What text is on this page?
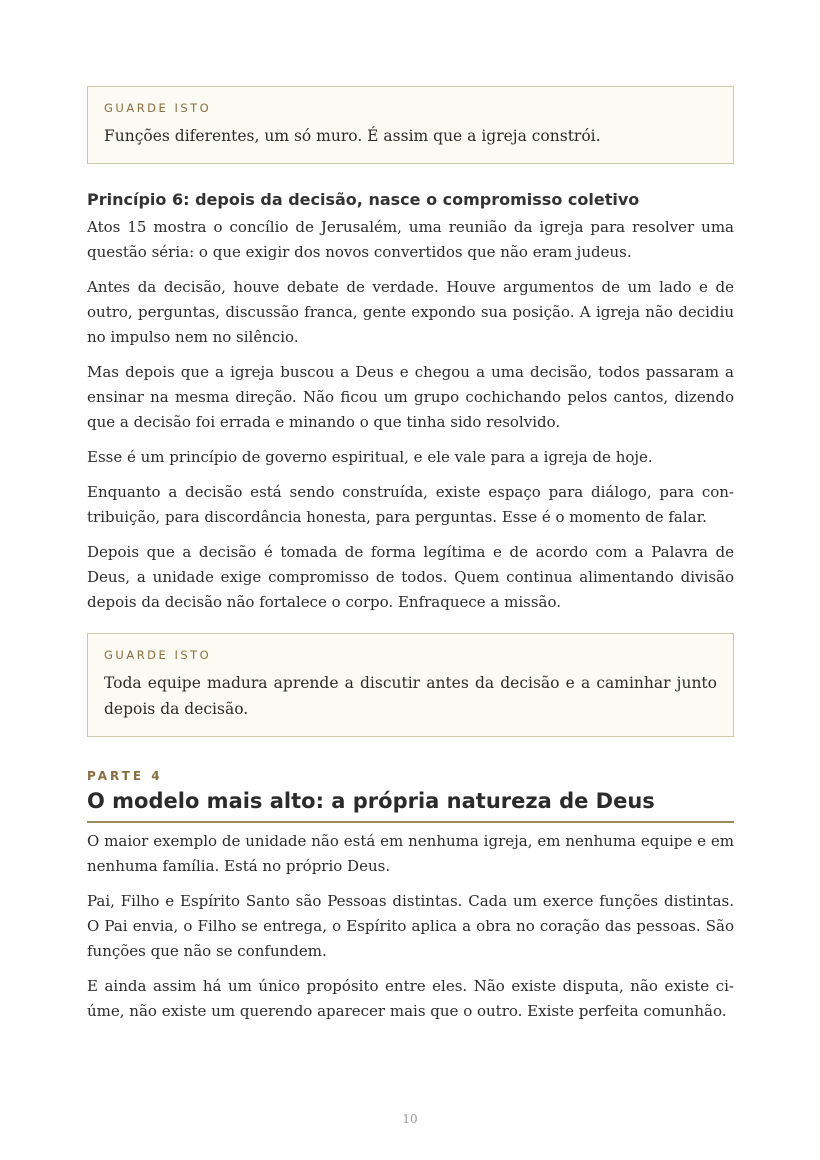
GUARDE ISTO
Funções diferentes, um só muro. É assim que a igreja constrói.
Princípio 6: depois da decisão, nasce o compromisso coletivo

Atos 15 mostra o concílio de Jerusalém, uma reunião da igreja para resolver uma questão séria: o que exigir dos novos convertidos que não eram judeus.

Antes da decisão, houve debate de verdade. Houve argumentos de um lado e de outro, perguntas, discussão franca, gente expondo sua posição. A igreja não decidiu no impulso nem no silêncio.

Mas depois que a igreja buscou a Deus e chegou a uma decisão, todos passaram a ensinar na mesma direção. Não ficou um grupo cochichando pelos cantos, dizendo que a decisão foi errada e minando o que tinha sido resolvido.

Esse é um princípio de governo espiritual, e ele vale para a igreja de hoje.

Enquanto a decisão está sendo construída, existe espaço para diálogo, para contribuição, para discordância honesta, para perguntas. Esse é o momento de falar.

Depois que a decisão é tomada de forma legítima e de acordo com a Palavra de Deus, a unidade exige compromisso de todos. Quem continua alimentando divisão depois da decisão não fortalece o corpo. Enfraquece a missão.

GUARDE ISTO
Toda equipe madura aprende a discutir antes da decisão e a caminhar junto depois da decisão.
PARTE 4
O modelo mais alto: a própria natureza de Deus

O maior exemplo de unidade não está em nenhuma igreja, em nenhuma equipe e em nenhuma família. Está no próprio Deus.

Pai, Filho e Espírito Santo são Pessoas distintas. Cada um exerce funções distintas. O Pai envia, o Filho se entrega, o Espírito aplica a obra no coração das pessoas. São funções que não se confundem.

E ainda assim há um único propósito entre eles. Não existe disputa, não existe ciúme, não existe um querendo aparecer mais que o outro. Existe perfeita comunhão.

10
